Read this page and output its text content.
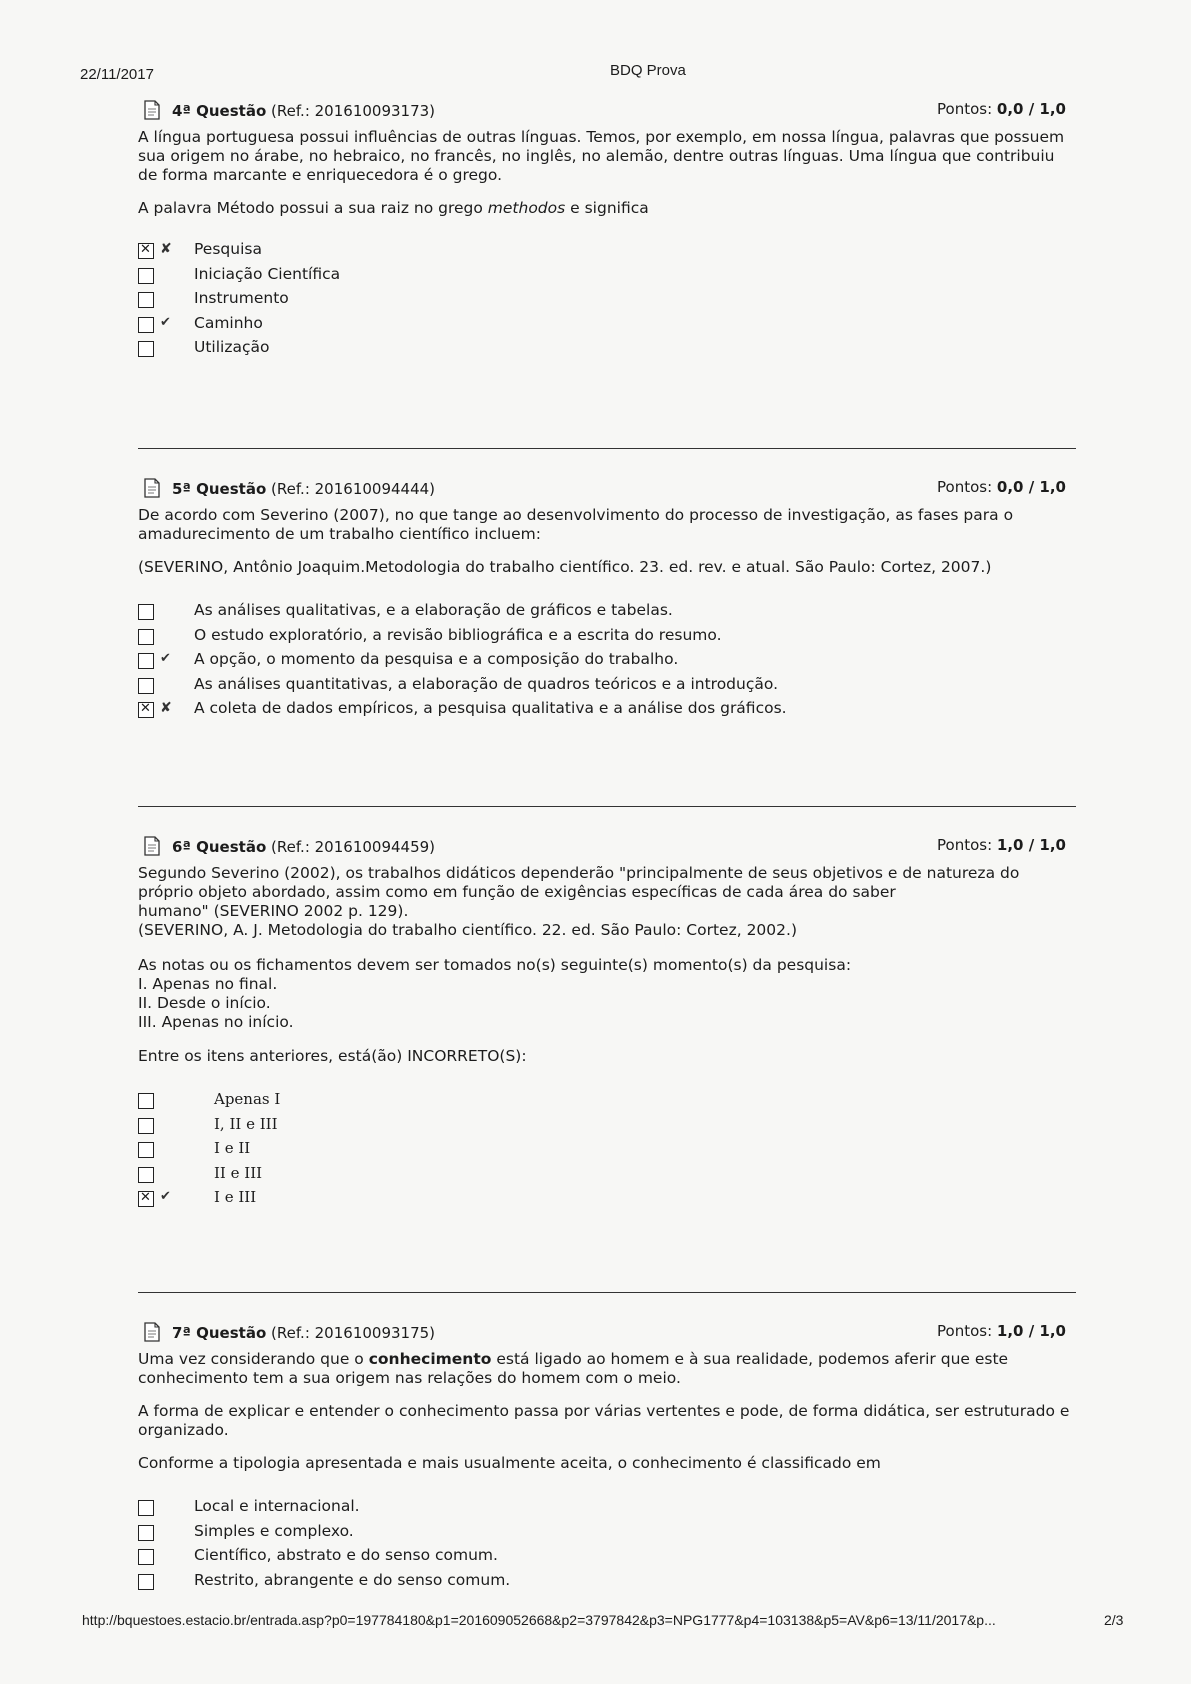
22/11/2017	BDQ Prova
4ª Questão (Ref.: 201610093173)	Pontos: 0,0 / 1,0

A língua portuguesa possui influências de outras línguas. Temos, por exemplo, em nossa língua, palavras que possuem sua origem no árabe, no hebraico, no francês, no inglês, no alemão, dentre outras línguas. Uma língua que contribuiu de forma marcante e enriquecedora é o grego.

A palavra Método possui a sua raiz no grego methodos e significa

✕
✘ Pesquisa
Iniciação Científica
Instrumento
✔ Caminho
Utilização
5ª Questão (Ref.: 201610094444)	Pontos: 0,0 / 1,0

De acordo com Severino (2007), no que tange ao desenvolvimento do processo de investigação, as fases para o amadurecimento de um trabalho científico incluem:

(SEVERINO, Antônio Joaquim.Metodologia do trabalho científico. 23. ed. rev. e atual. São Paulo: Cortez, 2007.)

As análises qualitativas, e a elaboração de gráficos e tabelas.
O estudo exploratório, a revisão bibliográfica e a escrita do resumo.
✔ A opção, o momento da pesquisa e a composição do trabalho.
As análises quantitativas, a elaboração de quadros teóricos e a introdução.
✕
✘ A coleta de dados empíricos, a pesquisa qualitativa e a análise dos gráficos.
6ª Questão (Ref.: 201610094459)	Pontos: 1,0 / 1,0
Segundo Severino (2002), os trabalhos didáticos dependerão "principalmente de seus objetivos e de natureza do
próprio objeto abordado, assim como em função de exigências específicas de cada área do saber
humano" (SEVERINO 2002 p. 129).
(SEVERINO, A. J. Metodologia do trabalho científico. 22. ed. São Paulo: Cortez, 2002.)
As notas ou os fichamentos devem ser tomados no(s) seguinte(s) momento(s) da pesquisa:
I. Apenas no final.
II. Desde o início.
III. Apenas no início.

Entre os itens anteriores, está(ão) INCORRETO(S):

Apenas I
I, II e III
I e II
II e III
✕
✔	I e III
7ª Questão (Ref.: 201610093175)	Pontos: 1,0 / 1,0

Uma vez considerando que o conhecimento está ligado ao homem e à sua realidade, podemos aferir que este conhecimento tem a sua origem nas relações do homem com o meio.

A forma de explicar e entender o conhecimento passa por várias vertentes e pode, de forma didática, ser estruturado e organizado.

Conforme a tipologia apresentada e mais usualmente aceita, o conhecimento é classificado em

Local e internacional.
Simples e complexo.
Científico, abstrato e do senso comum.
Restrito, abrangente e do senso comum.
http://bquestoes.estacio.br/entrada.asp?p0=197784180&p1=201609052668&p2=3797842&p3=NPG1777&p4=103138&p5=AV&p6=13/11/2017&p...	2/3
